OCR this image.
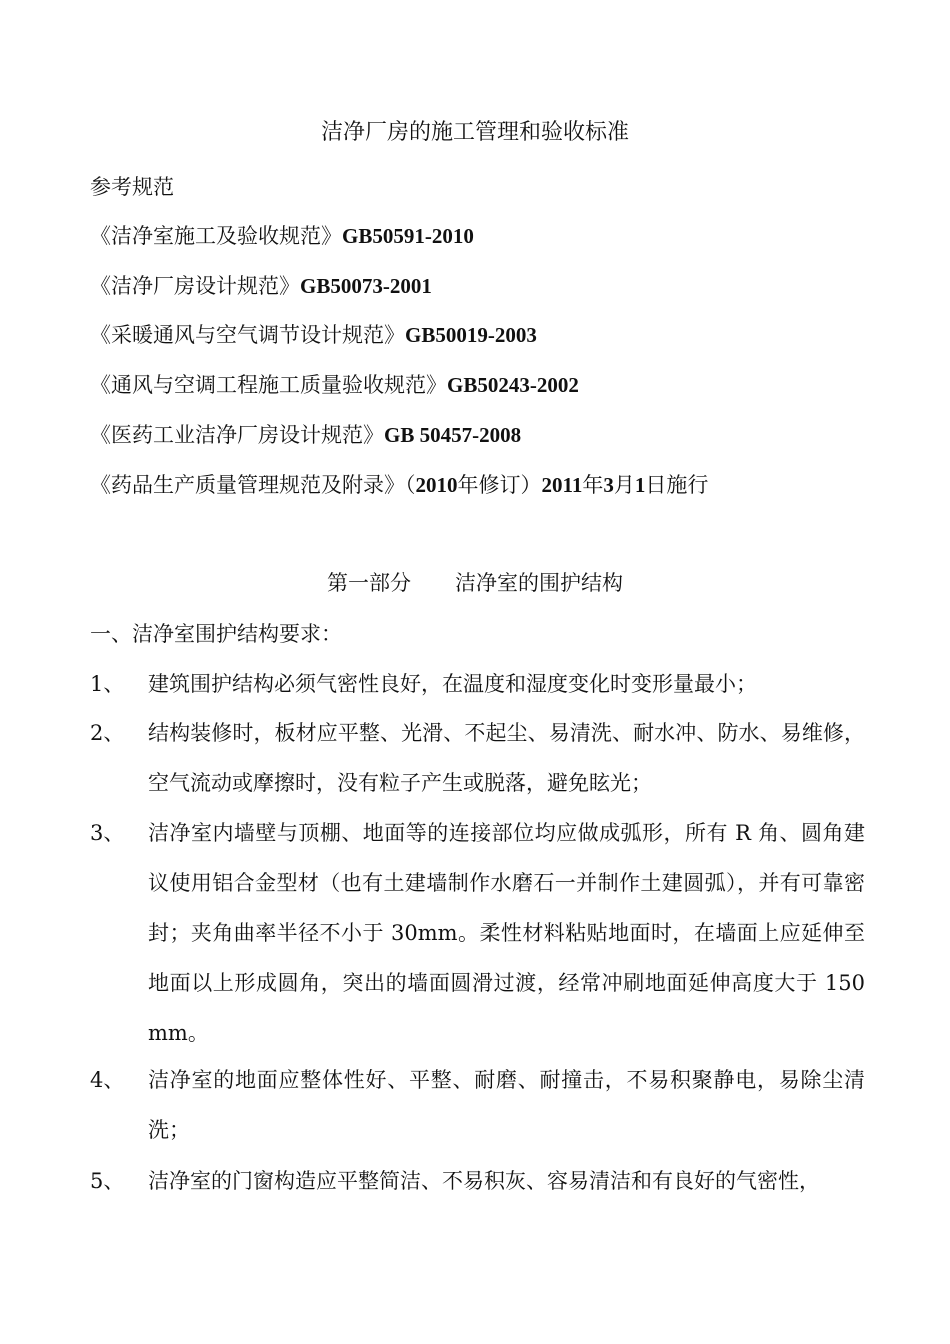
洁净厂房的施工管理和验收标准

参考规范

《洁净室施工及验收规范》GB50591-2010

《洁净厂房设计规范》GB50073-2001

《采暖通风与空气调节设计规范》GB50019-2003

《通风与空调工程施工质量验收规范》GB50243-2002

《医药工业洁净厂房设计规范》GB 50457-2008

《药品生产质量管理规范及附录》（2010年修订）2011年3月1日施行

第一部分 洁净室的围护结构

一、洁净室围护结构要求：

1、	建筑围护结构必须气密性良好，在温度和湿度变化时变形量最小；
2、	结构装修时，板材应平整、光滑、不起尘、易清洗、耐水冲、防水、易维修，空气流动或摩擦时，没有粒子产生或脱落，避免眩光；
3、	洁净室内墙壁与顶棚、地面等的连接部位均应做成弧形，所有 R 角、圆角建议使用铝合金型材（也有土建墙制作水磨石一并制作土建圆弧），并有可靠密封；夹角曲率半径不小于 30mm。柔性材料粘贴地面时，在墙面上应延伸至地面以上形成圆角，突出的墙面圆滑过渡，经常冲刷地面延伸高度大于 150mm。
4、	洁净室的地面应整体性好、平整、耐磨、耐撞击，不易积聚静电，易除尘清洗；
5、	洁净室的门窗构造应平整简洁、不易积灰、容易清洁和有良好的气密性，
